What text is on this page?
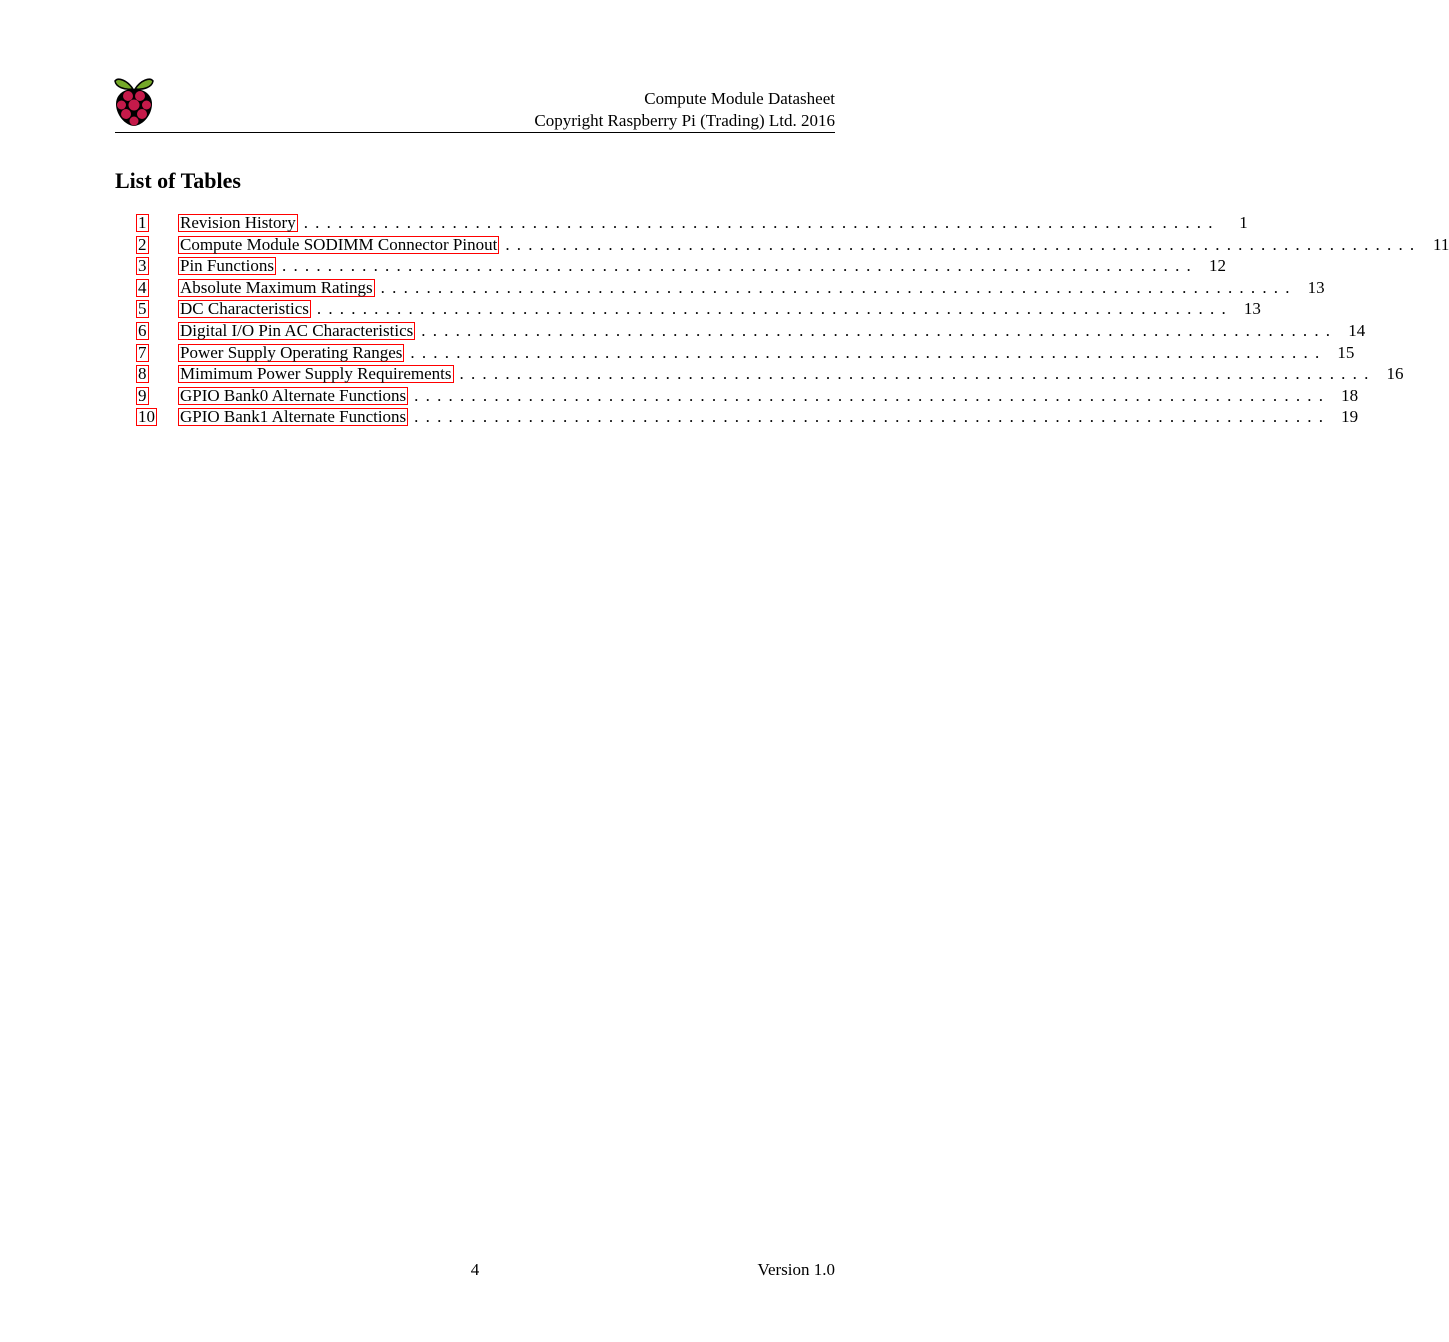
Compute Module Datasheet
Copyright Raspberry Pi (Trading) Ltd. 2016
List of Tables
1	Revision History ................................................................................	1
2	Compute Module SODIMM Connector Pinout ................................................................................ 11
3	Pin Functions ................................................................................ 12
4	Absolute Maximum Ratings ................................................................................ 13
5	DC Characteristics ................................................................................ 13
6	Digital I/O Pin AC Characteristics ................................................................................ 14
7	Power Supply Operating Ranges ................................................................................ 15
8	Mimimum Power Supply Requirements ................................................................................ 16
9	GPIO Bank0 Alternate Functions ................................................................................ 18
10	GPIO Bank1 Alternate Functions ................................................................................ 19
4	Version 1.0
